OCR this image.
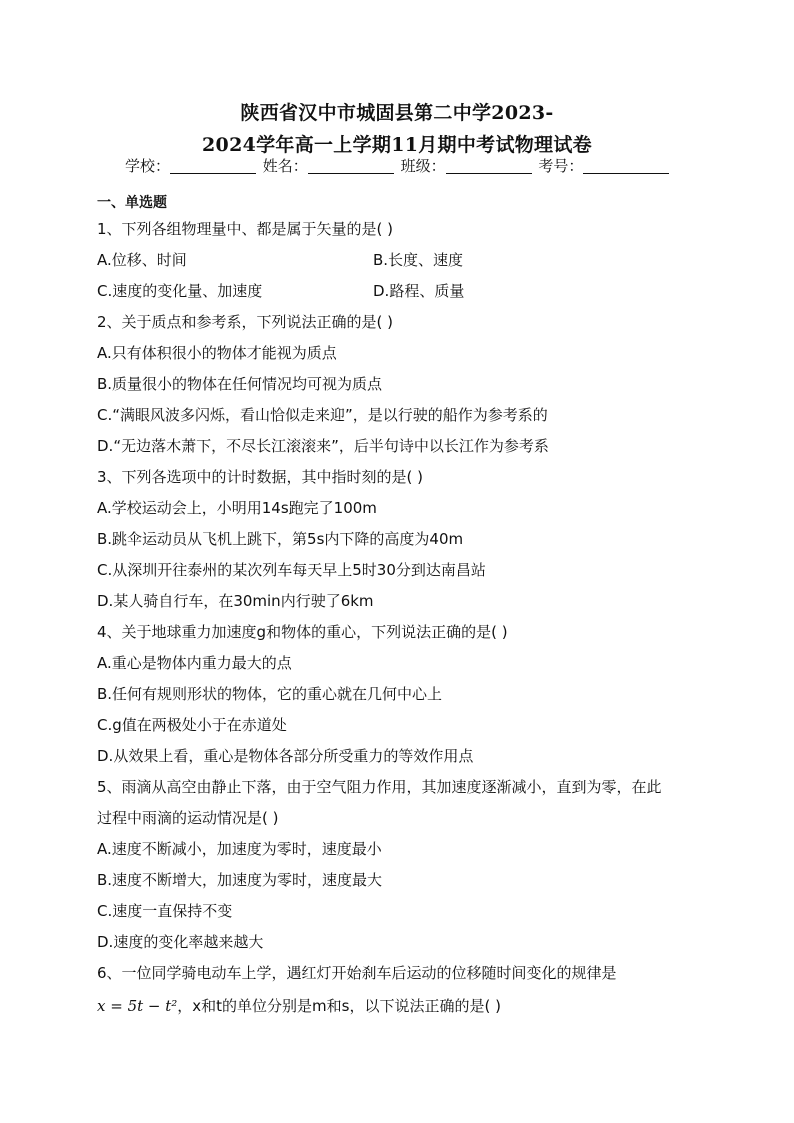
陕西省汉中市城固县第二中学2023-
2024学年高一上学期11月期中考试物理试卷
学校：	姓名：	班级：	考号：
一、单选题
1、下列各组物理量中、都是属于矢量的是( )
A.位移、时间	B.长度、速度
C.速度的变化量、加速度	D.路程、质量
2、关于质点和参考系，下列说法正确的是( )
A.只有体积很小的物体才能视为质点
B.质量很小的物体在任何情况均可视为质点
C.“满眼风波多闪烁，看山恰似走来迎”，是以行驶的船作为参考系的
D.“无边落木萧下，不尽长江滚滚来”，后半句诗中以长江作为参考系
3、下列各选项中的计时数据，其中指时刻的是( )
A.学校运动会上，小明用14s跑完了100m
B.跳伞运动员从飞机上跳下，第5s内下降的高度为40m
C.从深圳开往泰州的某次列车每天早上5时30分到达南昌站
D.某人骑自行车，在30min内行驶了6km
4、关于地球重力加速度g和物体的重心，下列说法正确的是( )
A.重心是物体内重力最大的点
B.任何有规则形状的物体，它的重心就在几何中心上
C.g值在两极处小于在赤道处
D.从效果上看，重心是物体各部分所受重力的等效作用点
5、雨滴从高空由静止下落，由于空气阻力作用，其加速度逐渐减小，直到为零，在此
过程中雨滴的运动情况是( )
A.速度不断减小，加速度为零时，速度最小
B.速度不断增大，加速度为零时，速度最大
C.速度一直保持不变
D.速度的变化率越来越大
6、一位同学骑电动车上学，遇红灯开始刹车后运动的位移随时间变化的规律是
x = 5t − t²，x和t的单位分别是m和s，以下说法正确的是( )
